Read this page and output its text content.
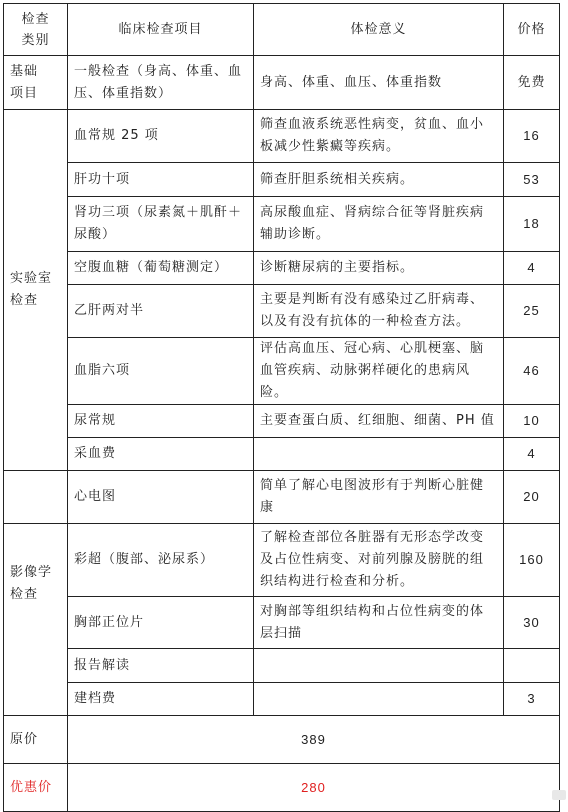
检查
类别	临床检查项目	体检意义	价格
基础
项目	一般检查（身高、体重、血压、体重指数）	身高、体重、血压、体重指数	免费
实验室
检查	血常规 25 项	筛查血液系统恶性病变，贫血、血小板减少性紫癜等疾病。	16
	肝功十项	筛查肝胆系统相关疾病。	53
	肾功三项（尿素氮＋肌酐＋尿酸）	高尿酸血症、肾病综合征等肾脏疾病辅助诊断。	18
	空腹血糖（葡萄糖测定）	诊断糖尿病的主要指标。	4
	乙肝两对半	主要是判断有没有感染过乙肝病毒、以及有没有抗体的一种检查方法。	25
	血脂六项	评估高血压、冠心病、心肌梗塞、脑血管疾病、动脉粥样硬化的患病风险。	46
	尿常规	主要查蛋白质、红细胞、细菌、PH 值	10
	采血费		4
	心电图	简单了解心电图波形有于判断心脏健康	20
影像学
检查	彩超（腹部、泌尿系）	了解检查部位各脏器有无形态学改变及占位性病变、对前列腺及膀胱的组织结构进行检查和分析。	160
	胸部正位片	对胸部等组织结构和占位性病变的体层扫描	30
	报告解读		
	建档费		3
原价	389		
优惠价	280		
